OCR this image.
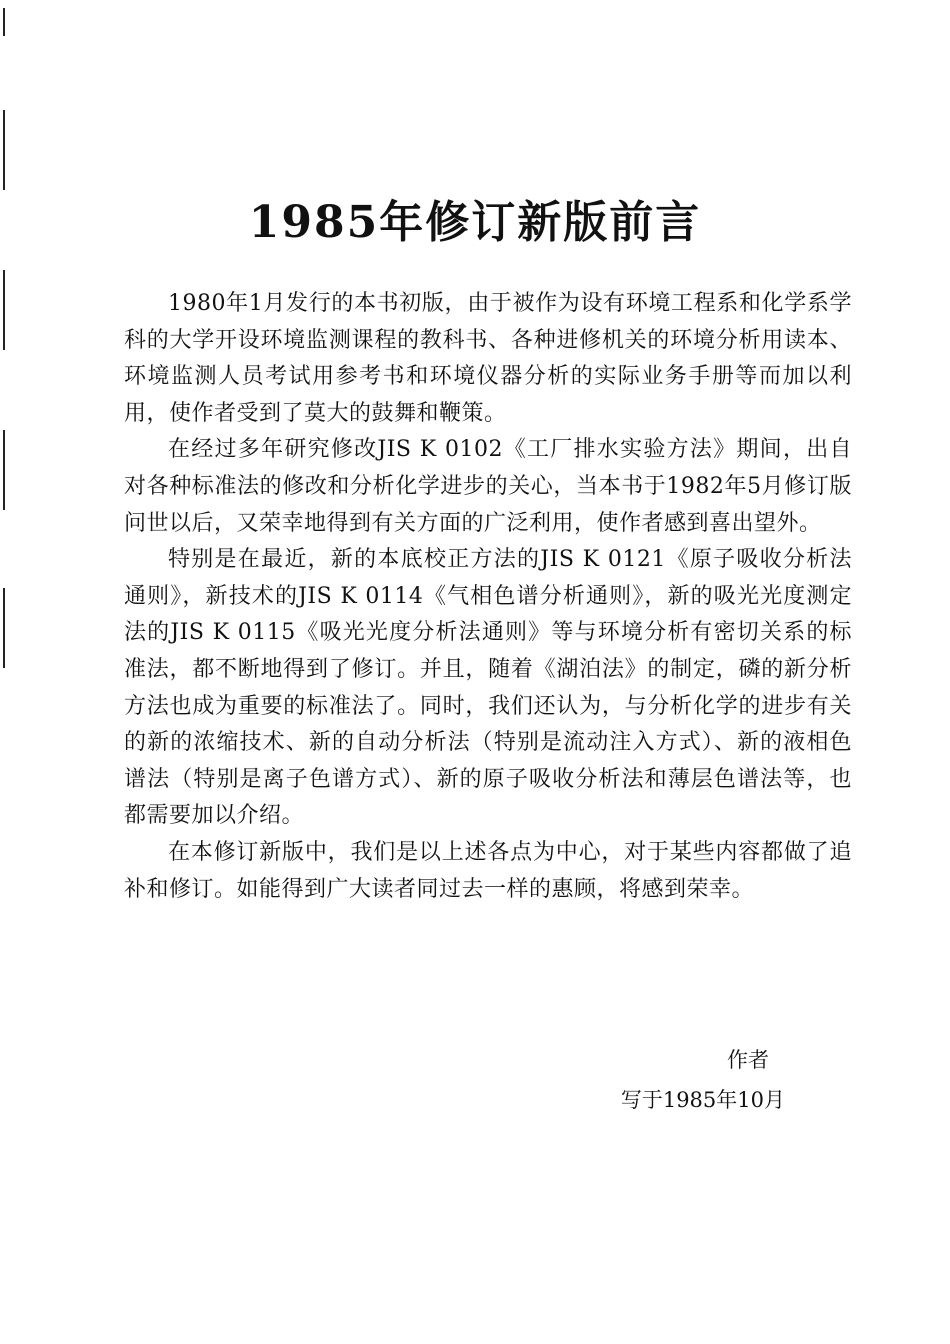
1985年修订新版前言

1980年1月发行的本书初版，由于被作为设有环境工程系和化学系学科的大学开设环境监测课程的教科书、各种进修机关的环境分析用读本、环境监测人员考试用参考书和环境仪器分析的实际业务手册等而加以利用，使作者受到了莫大的鼓舞和鞭策。

在经过多年研究修改JIS K 0102《工厂排水实验方法》期间，出自对各种标准法的修改和分析化学进步的关心，当本书于1982年5月修订版问世以后，又荣幸地得到有关方面的广泛利用，使作者感到喜出望外。

特别是在最近，新的本底校正方法的JIS K 0121《原子吸收分析法通则》，新技术的JIS K 0114《气相色谱分析通则》，新的吸光光度测定法的JIS K 0115《吸光光度分析法通则》等与环境分析有密切关系的标准法，都不断地得到了修订。并且，随着《湖泊法》的制定，磷的新分析方法也成为重要的标准法了。同时，我们还认为，与分析化学的进步有关的新的浓缩技术、新的自动分析法（特别是流动注入方式）、新的液相色谱法（特别是离子色谱方式）、新的原子吸收分析法和薄层色谱法等，也都需要加以介绍。

在本修订新版中，我们是以上述各点为中心，对于某些内容都做了追补和修订。如能得到广大读者同过去一样的惠顾，将感到荣幸。

作者
写于1985年10月
